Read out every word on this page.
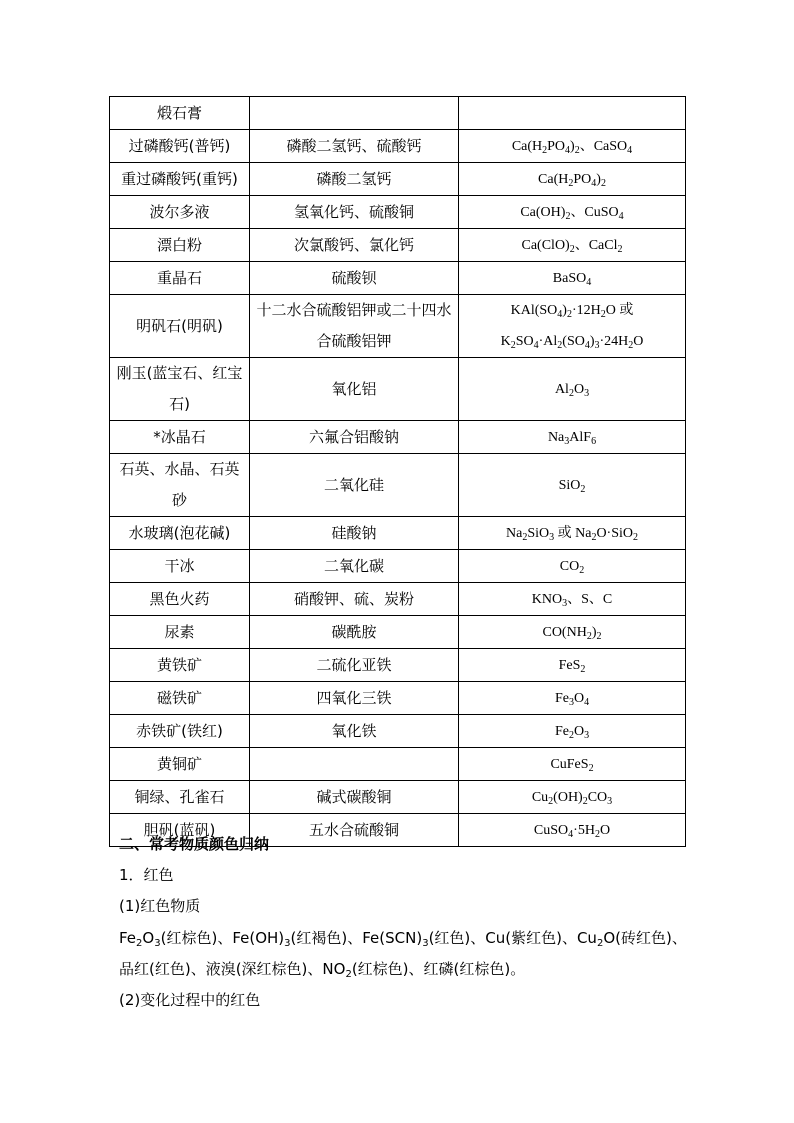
煅石膏		
过磷酸钙(普钙)	磷酸二氢钙、硫酸钙	$Ca(H_2PO_4)_2$、CaSO$_4$
重过磷酸钙(重钙)	磷酸二氢钙	$Ca(H_2PO_4)_2$
波尔多液	氢氧化钙、硫酸铜	$Ca(OH)_2$、CuSO$_4$
漂白粉	次氯酸钙、氯化钙	$Ca(ClO)_2$、CaCl$_2$
重晶石	硫酸钡	BaSO$_4$
明矾石(明矾)	十二水合硫酸铝钾或二十四水合硫酸铝钾	$KAl(SO_4)_2\cdot 12H_2O$ 或 $K_2SO_4\cdot Al_2(SO_4)_3\cdot 24H_2O$
刚玉(蓝宝石、红宝石)	氧化铝	$Al_2O_3$
*冰晶石	六氟合铝酸钠	$Na_3AlF_6$
石英、水晶、石英砂	二氧化硅	SiO$_2$
水玻璃(泡花碱)	硅酸钠	$Na_2SiO_3$ 或 $Na_2O\cdot SiO_2$
干冰	二氧化碳	$CO_2$
黑色火药	硝酸钾、硫、炭粉	$KNO_3$、S、C
尿素	碳酰胺	$CO(NH_2)_2$
黄铁矿	二硫化亚铁	FeS$_2$
磁铁矿	四氧化三铁	$Fe_3O_4$
赤铁矿(铁红)	氧化铁	$Fe_2O_3$
黄铜矿		CuFeS$_2$
铜绿、孔雀石	碱式碳酸铜	$Cu_2(OH)_2CO_3$
胆矾(蓝矾)	五水合硫酸铜	$CuSO_4\cdot 5H_2O$
二、常考物质颜色归纳
1．红色
(1)红色物质
$Fe_2O_3$(红棕色)、$Fe(OH)_3$(红褐色)、$Fe(SCN)_3$(红色)、Cu(紫红色)、$Cu_2O$(砖红色)、
品红(红色)、液溴(深红棕色)、$NO_2$(红棕色)、红磷(红棕色)。
(2)变化过程中的红色
